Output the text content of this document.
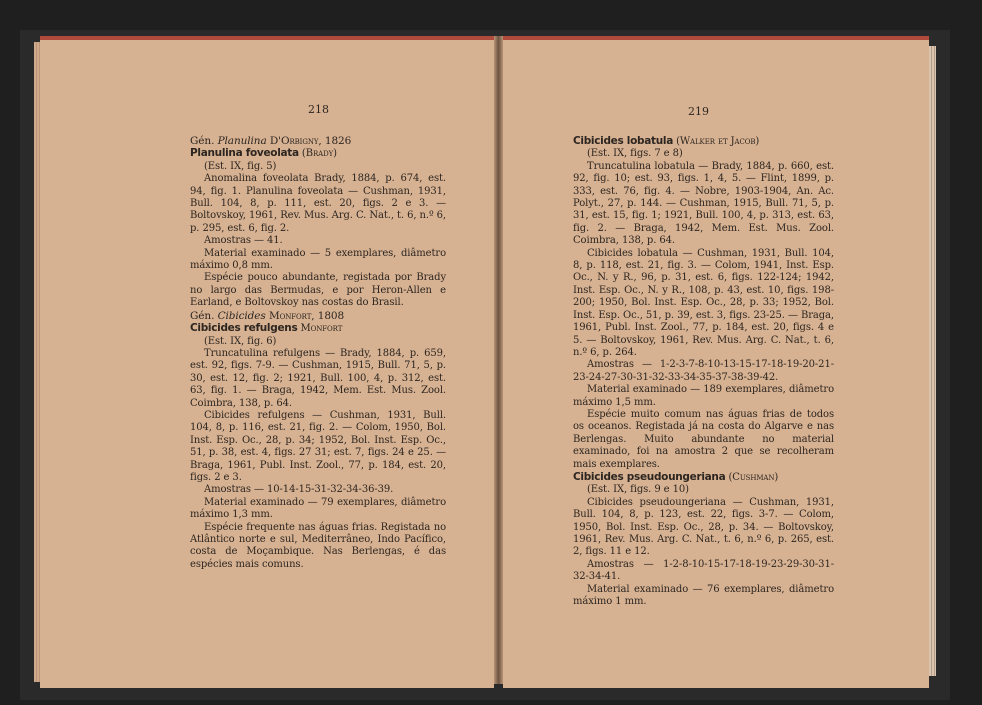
218

Gén. Planulina D'Orbigny, 1826

Planulina foveolata (Brady)

(Est. IX, fig. 5)

Anomalina foveolata Brady, 1884, p. 674, est. 94, fig. 1. Planulina foveolata — Cushman, 1931, Bull. 104, 8, p. 111, est. 20, figs. 2 e 3. — Boltovskoy, 1961, Rev. Mus. Arg. C. Nat., t. 6, n.º 6, p. 295, est. 6, fig. 2.

Amostras — 41.

Material examinado — 5 exemplares, diâmetro máximo 0,8 mm.

Espécie pouco abundante, registada por Brady no largo das Bermudas, e por Heron-Allen e Earland, e Boltovskoy nas costas do Brasil.

Gén. Cibicides Monfort, 1808

Cibicides refulgens Monfort

(Est. IX, fig. 6)

Truncatulina refulgens — Brady, 1884, p. 659, est. 92, figs. 7-9. — Cushman, 1915, Bull. 71, 5, p. 30, est. 12, fig. 2; 1921, Bull. 100, 4, p. 312, est. 63, fig. 1. — Braga, 1942, Mem. Est. Mus. Zool. Coimbra, 138, p. 64.

Cibicides refulgens — Cushman, 1931, Bull. 104, 8, p. 116, est. 21, fig. 2. — Colom, 1950, Bol. Inst. Esp. Oc., 28, p. 34; 1952, Bol. Inst. Esp. Oc., 51, p. 38, est. 4, figs. 27 31; est. 7, figs. 24 e 25. — Braga, 1961, Publ. Inst. Zool., 77, p. 184, est. 20, figs. 2 e 3.

Amostras — 10-14-15-31-32-34-36-39.

Material examinado — 79 exemplares, diâmetro máximo 1,3 mm.

Espécie frequente nas águas frias. Registada no Atlântico norte e sul, Mediterrâneo, Indo Pacífico, costa de Moçambique. Nas Berlengas, é das espécies mais comuns.

219

Cibicides lobatula (Walker et Jacob)

(Est. IX, figs. 7 e 8)

Truncatulina lobatula — Brady, 1884, p. 660, est. 92, fig. 10; est. 93, figs. 1, 4, 5. — Flint, 1899, p. 333, est. 76, fig. 4. — Nobre, 1903-1904, An. Ac. Polyt., 27, p. 144. — Cushman, 1915, Bull. 71, 5, p. 31, est. 15, fig. 1; 1921, Bull. 100, 4, p. 313, est. 63, fig. 2. — Braga, 1942, Mem. Est. Mus. Zool. Coimbra, 138, p. 64.

Cibicides lobatula — Cushman, 1931, Bull. 104, 8, p. 118, est. 21, fig. 3. — Colom, 1941, Inst. Esp. Oc., N. y R., 96, p. 31, est. 6, figs. 122-124; 1942, Inst. Esp. Oc., N. y R., 108, p. 43, est. 10, figs. 198-200; 1950, Bol. Inst. Esp. Oc., 28, p. 33; 1952, Bol. Inst. Esp. Oc., 51, p. 39, est. 3, figs. 23-25. — Braga, 1961, Publ. Inst. Zool., 77, p. 184, est. 20, figs. 4 e 5. — Boltovskoy, 1961, Rev. Mus. Arg. C. Nat., t. 6, n.º 6, p. 264.

Amostras — 1-2-3-7-8-10-13-15-17-18-19-20-21-23-24-27-30-31-32-33-34-35-37-38-39-42.

Material examinado — 189 exemplares, diâmetro máximo 1,5 mm.

Espécie muito comum nas águas frias de todos os oceanos. Registada já na costa do Algarve e nas Berlengas. Muito abundante no material examinado, foi na amostra 2 que se recolheram mais exemplares.

Cibicides pseudoungeriana (Cushman)

(Est. IX, figs. 9 e 10)

Cibicides pseudoungeriana — Cushman, 1931, Bull. 104, 8, p. 123, est. 22, figs. 3-7. — Colom, 1950, Bol. Inst. Esp. Oc., 28, p. 34. — Boltovskoy, 1961, Rev. Mus. Arg. C. Nat., t. 6, n.º 6, p. 265, est. 2, figs. 11 e 12.

Amostras — 1-2-8-10-15-17-18-19-23-29-30-31-32-34-41.

Material examinado — 76 exemplares, diâmetro máximo 1 mm.
